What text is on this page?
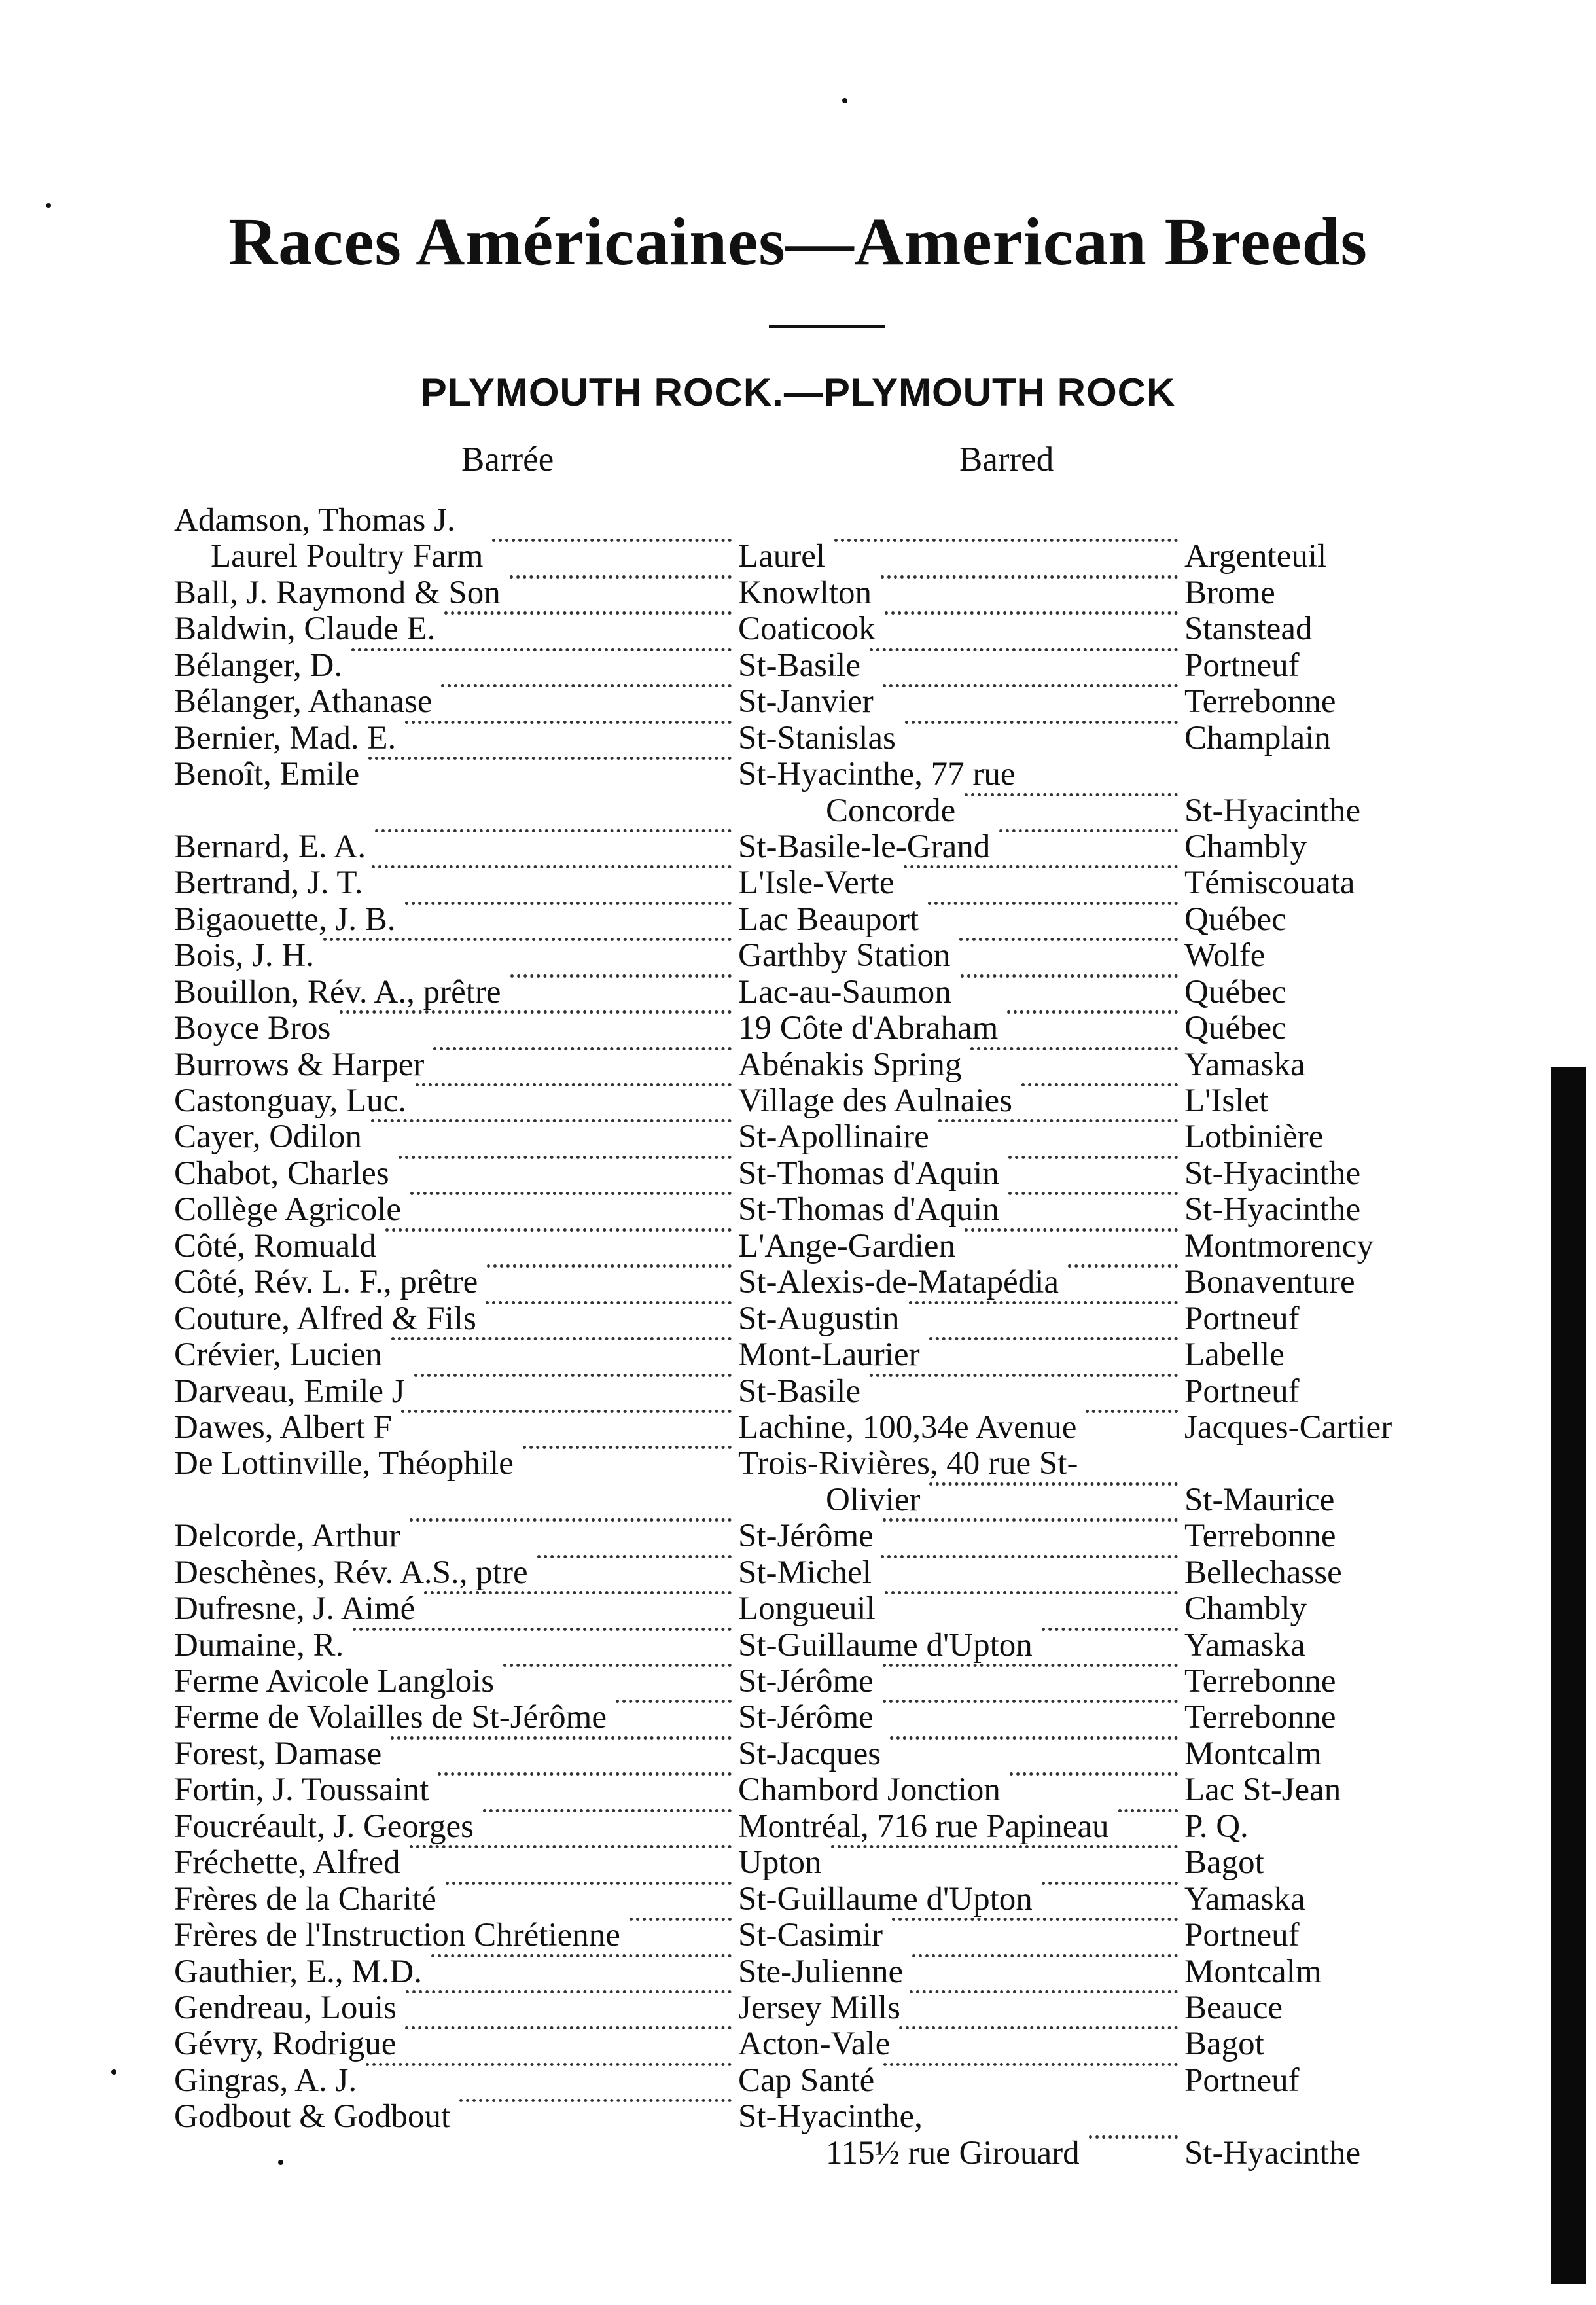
Races Américaines—American Breeds
PLYMOUTH ROCK.—PLYMOUTH ROCK
Barrée	Barred
Adamson, Thomas J.
Laurel Poultry Farm	Laurel	Argenteuil
Ball, J. Raymond & Son	Knowlton	Brome
Baldwin, Claude E.	Coaticook	Stanstead
Bélanger, D.	St-Basile	Portneuf
Bélanger, Athanase	St-Janvier	Terrebonne
Bernier, Mad. E.	St-Stanislas	Champlain
Benoît, Emile	St-Hyacinthe, 77 rue
Concorde	St-Hyacinthe
Bernard, E. A.	St-Basile-le-Grand	Chambly
Bertrand, J. T.	L'Isle-Verte	Témiscouata
Bigaouette, J. B.	Lac Beauport	Québec
Bois, J. H.	Garthby Station	Wolfe
Bouillon, Rév. A., prêtre	Lac-au-Saumon	Québec
Boyce Bros	19 Côte d'Abraham	Québec
Burrows & Harper	Abénakis Spring	Yamaska
Castonguay, Luc.	Village des Aulnaies	L'Islet
Cayer, Odilon	St-Apollinaire	Lotbinière
Chabot, Charles	St-Thomas d'Aquin	St-Hyacinthe
Collège Agricole	St-Thomas d'Aquin	St-Hyacinthe
Côté, Romuald	L'Ange-Gardien	Montmorency
Côté, Rév. L. F., prêtre	St-Alexis-de-Matapédia	Bonaventure
Couture, Alfred & Fils	St-Augustin	Portneuf
Crévier, Lucien	Mont-Laurier	Labelle
Darveau, Emile J	St-Basile	Portneuf
Dawes, Albert F	Lachine, 100,34e Avenue	Jacques-Cartier
De Lottinville, Théophile	Trois-Rivières, 40 rue St-
Olivier	St-Maurice
Delcorde, Arthur	St-Jérôme	Terrebonne
Deschènes, Rév. A.S., ptre	St-Michel	Bellechasse
Dufresne, J. Aimé	Longueuil	Chambly
Dumaine, R.	St-Guillaume d'Upton	Yamaska
Ferme Avicole Langlois	St-Jérôme	Terrebonne
Ferme de Volailles de St-Jérôme	St-Jérôme	Terrebonne
Forest, Damase	St-Jacques	Montcalm
Fortin, J. Toussaint	Chambord Jonction	Lac St-Jean
Foucréault, J. Georges	Montréal, 716 rue Papineau P. Q.
Fréchette, Alfred	Upton	Bagot
Frères de la Charité	St-Guillaume d'Upton	Yamaska
Frères de l'Instruction Chrétienne	St-Casimir	Portneuf
Gauthier, E., M.D.	Ste-Julienne	Montcalm
Gendreau, Louis	Jersey Mills	Beauce
Gévry, Rodrigue	Acton-Vale	Bagot
Gingras, A. J.	Cap Santé	Portneuf
Godbout & Godbout	St-Hyacinthe,
115½ rue Girouard	St-Hyacinthe
